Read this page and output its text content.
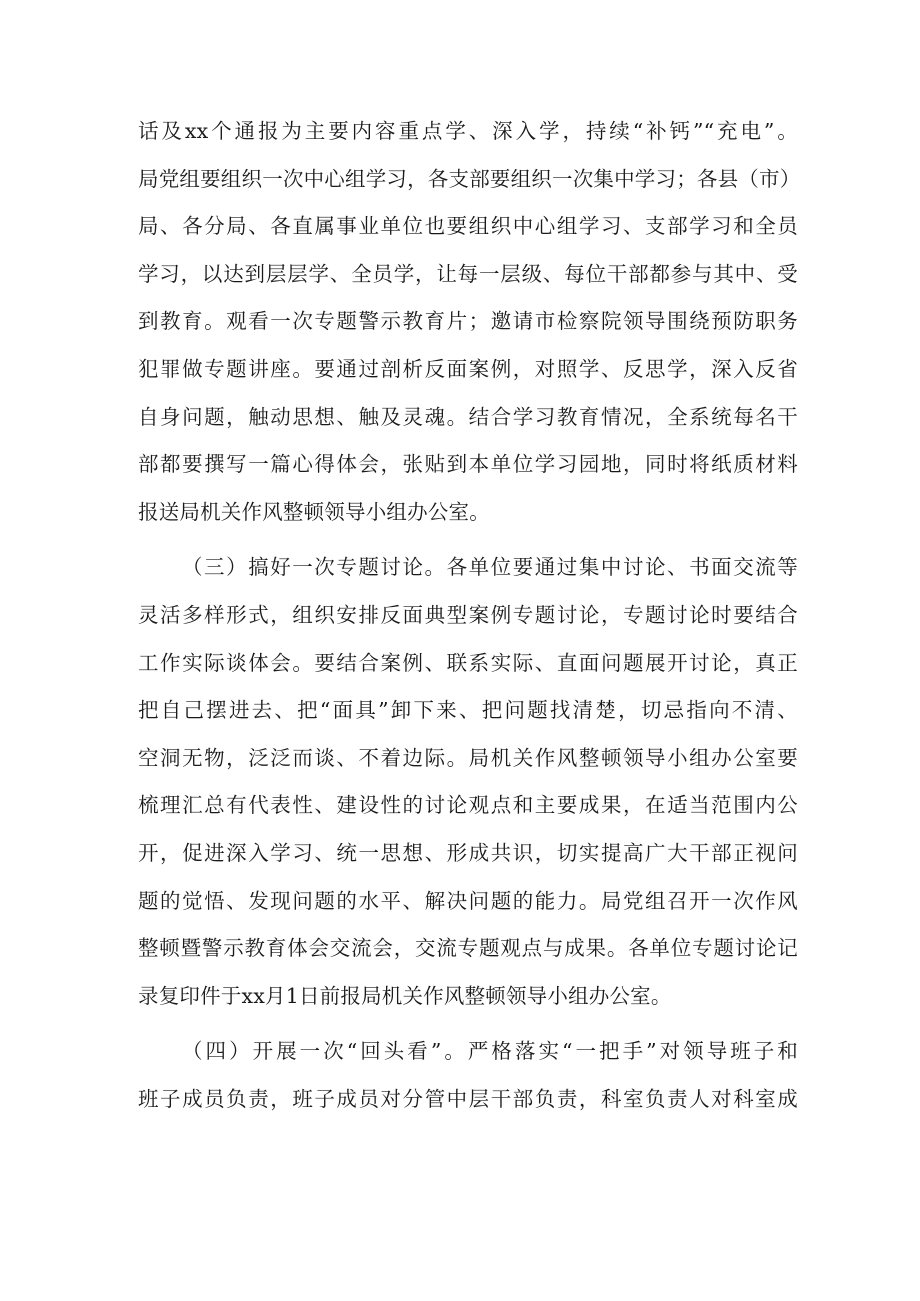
话及xx个通报为主要内容重点学、深入学，持续“补钙”“充电”。
局党组要组织一次中心组学习，各支部要组织一次集中学习；各县（市）
局、各分局、各直属事业单位也要组织中心组学习、支部学习和全员
学习，以达到层层学、全员学，让每一层级、每位干部都参与其中、受
到教育。观看一次专题警示教育片；邀请市检察院领导围绕预防职务
犯罪做专题讲座。要通过剖析反面案例，对照学、反思学，深入反省
自身问题，触动思想、触及灵魂。结合学习教育情况，全系统每名干
部都要撰写一篇心得体会，张贴到本单位学习园地，同时将纸质材料
报送局机关作风整顿领导小组办公室。
（三）搞好一次专题讨论。各单位要通过集中讨论、书面交流等
灵活多样形式，组织安排反面典型案例专题讨论，专题讨论时要结合
工作实际谈体会。要结合案例、联系实际、直面问题展开讨论，真正
把自己摆进去、把“面具”卸下来、把问题找清楚，切忌指向不清、
空洞无物，泛泛而谈、不着边际。局机关作风整顿领导小组办公室要
梳理汇总有代表性、建设性的讨论观点和主要成果，在适当范围内公
开，促进深入学习、统一思想、形成共识，切实提高广大干部正视问
题的觉悟、发现问题的水平、解决问题的能力。局党组召开一次作风
整顿暨警示教育体会交流会，交流专题观点与成果。各单位专题讨论记
录复印件于xx月1日前报局机关作风整顿领导小组办公室。
（四）开展一次“回头看”。严格落实“一把手”对领导班子和
班子成员负责，班子成员对分管中层干部负责，科室负责人对科室成
